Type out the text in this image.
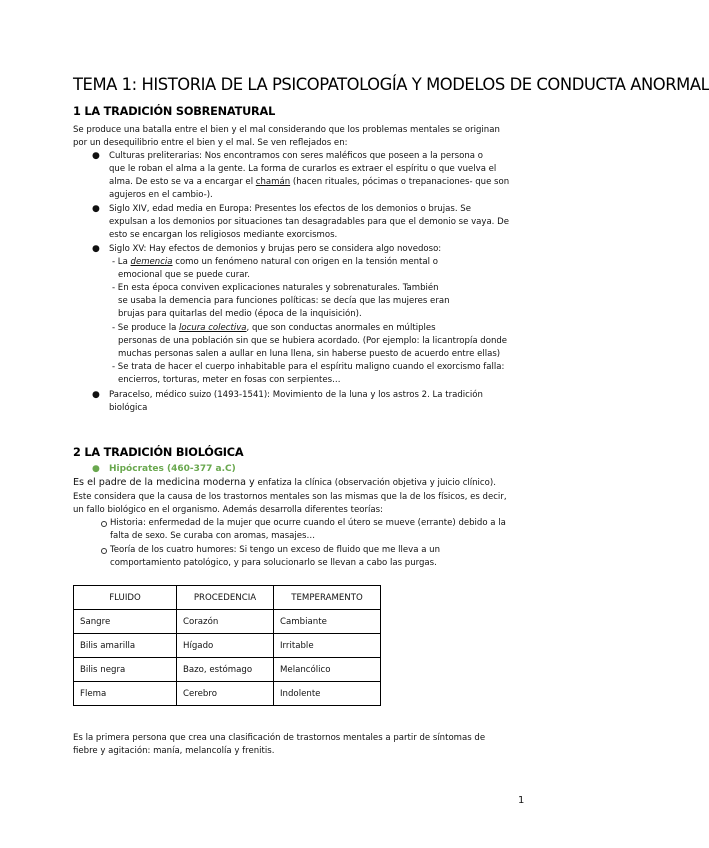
TEMA 1: HISTORIA DE LA PSICOPATOLOGÍA Y MODELOS DE CONDUCTA ANORMAL
1 LA TRADICIÓN SOBRENATURAL
Se produce una batalla entre el bien y el mal considerando que los problemas mentales se originan
por un desequilibrio entre el bien y el mal. Se ven reflejados en:
● Culturas preliterarias: Nos encontramos con seres maléficos que poseen a la persona o
que le roban el alma a la gente. La forma de curarlos es extraer el espíritu o que vuelva el
alma. De esto se va a encargar el chamán (hacen rituales, pócimas o trepanaciones- que son
agujeros en el cambio-).
● Siglo XIV, edad media en Europa: Presentes los efectos de los demonios o brujas. Se
expulsan a los demonios por situaciones tan desagradables para que el demonio se vaya. De
esto se encargan los religiosos mediante exorcismos.
● Siglo XV: Hay efectos de demonios y brujas pero se considera algo novedoso:
- La demencia como un fenómeno natural con origen en la tensión mental o
emocional que se puede curar.
- En esta época conviven explicaciones naturales y sobrenaturales. También
se usaba la demencia para funciones políticas: se decía que las mujeres eran
brujas para quitarlas del medio (época de la inquisición).
- Se produce la locura colectiva, que son conductas anormales en múltiples
personas de una población sin que se hubiera acordado. (Por ejemplo: la licantropía donde
muchas personas salen a aullar en luna llena, sin haberse puesto de acuerdo entre ellas)
- Se trata de hacer el cuerpo inhabitable para el espíritu maligno cuando el exorcismo falla:
encierros, torturas, meter en fosas con serpientes…
● Paracelso, médico suizo (1493-1541): Movimiento de la luna y los astros 2. La tradición
biológica
2 LA TRADICIÓN BIOLÓGICA
● Hipócrates (460-377 a.C)
Es el padre de la medicina moderna y enfatiza la clínica (observación objetiva y juicio clínico).
Este considera que la causa de los trastornos mentales son las mismas que la de los físicos, es decir,
un fallo biológico en el organismo. Además desarrolla diferentes teorías:
Historia: enfermedad de la mujer que ocurre cuando el útero se mueve (errante) debido a la
falta de sexo. Se curaba con aromas, masajes…
Teoría de los cuatro humores: Si tengo un exceso de fluido que me lleva a un
comportamiento patológico, y para solucionarlo se llevan a cabo las purgas.
FLUIDO	PROCEDENCIA	TEMPERAMENTO
Sangre	Corazón	Cambiante
Bilis amarilla	Hígado	Irritable
Bilis negra	Bazo, estómago	Melancólico
Flema	Cerebro	Indolente
Es la primera persona que crea una clasificación de trastornos mentales a partir de síntomas de
fiebre y agitación: manía, melancolía y frenitis.
1
